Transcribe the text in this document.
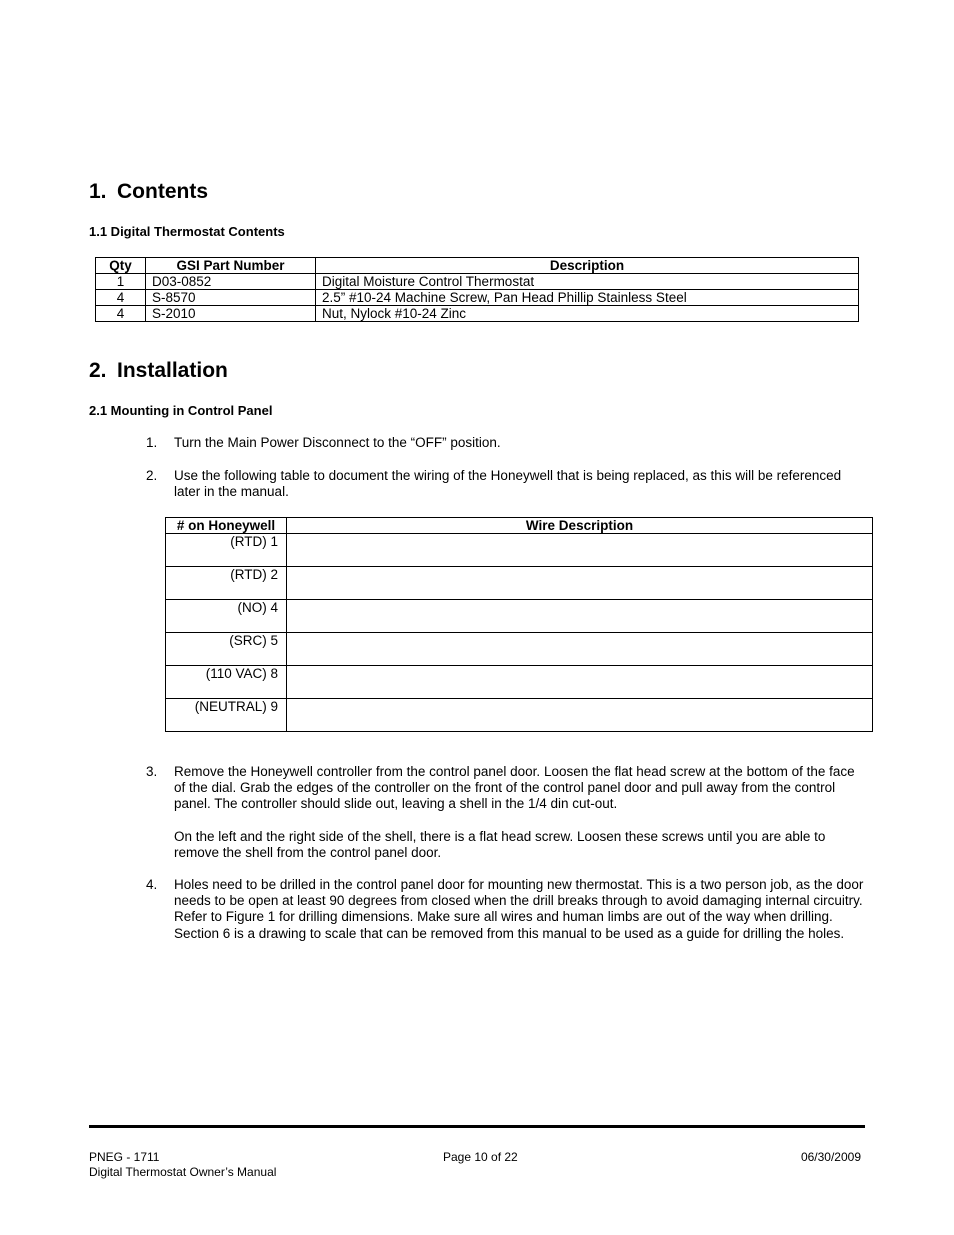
1. Contents
1.1 Digital Thermostat Contents
Qty	GSI Part Number	Description
1	D03-0852	Digital Moisture Control Thermostat
4	S-8570	2.5” #10-24 Machine Screw, Pan Head Phillip Stainless Steel
4	S-2010	Nut, Nylock #10-24 Zinc
2. Installation
2.1 Mounting in Control Panel
1. Turn the Main Power Disconnect to the “OFF” position.
2. Use the following table to document the wiring of the Honeywell that is being replaced, as this will be referenced later in the manual.
# on Honeywell	Wire Description
(RTD) 1	
(RTD) 2	
(NO) 4	
(SRC) 5	
(110 VAC) 8	
(NEUTRAL) 9	
3. Remove the Honeywell controller from the control panel door. Loosen the flat head screw at the bottom of the face of the dial. Grab the edges of the controller on the front of the control panel door and pull away from the control panel. The controller should slide out, leaving a shell in the 1/4 din cut-out.
On the left and the right side of the shell, there is a flat head screw. Loosen these screws until you are able to remove the shell from the control panel door.
4. Holes need to be drilled in the control panel door for mounting new thermostat. This is a two person job, as the door needs to be open at least 90 degrees from closed when the drill breaks through to avoid damaging internal circuitry. Refer to Figure 1 for drilling dimensions. Make sure all wires and human limbs are out of the way when drilling. Section 6 is a drawing to scale that can be removed from this manual to be used as a guide for drilling the holes.
PNEG - 1711
Digital Thermostat Owner’s Manual
Page 10 of 22	06/30/2009
